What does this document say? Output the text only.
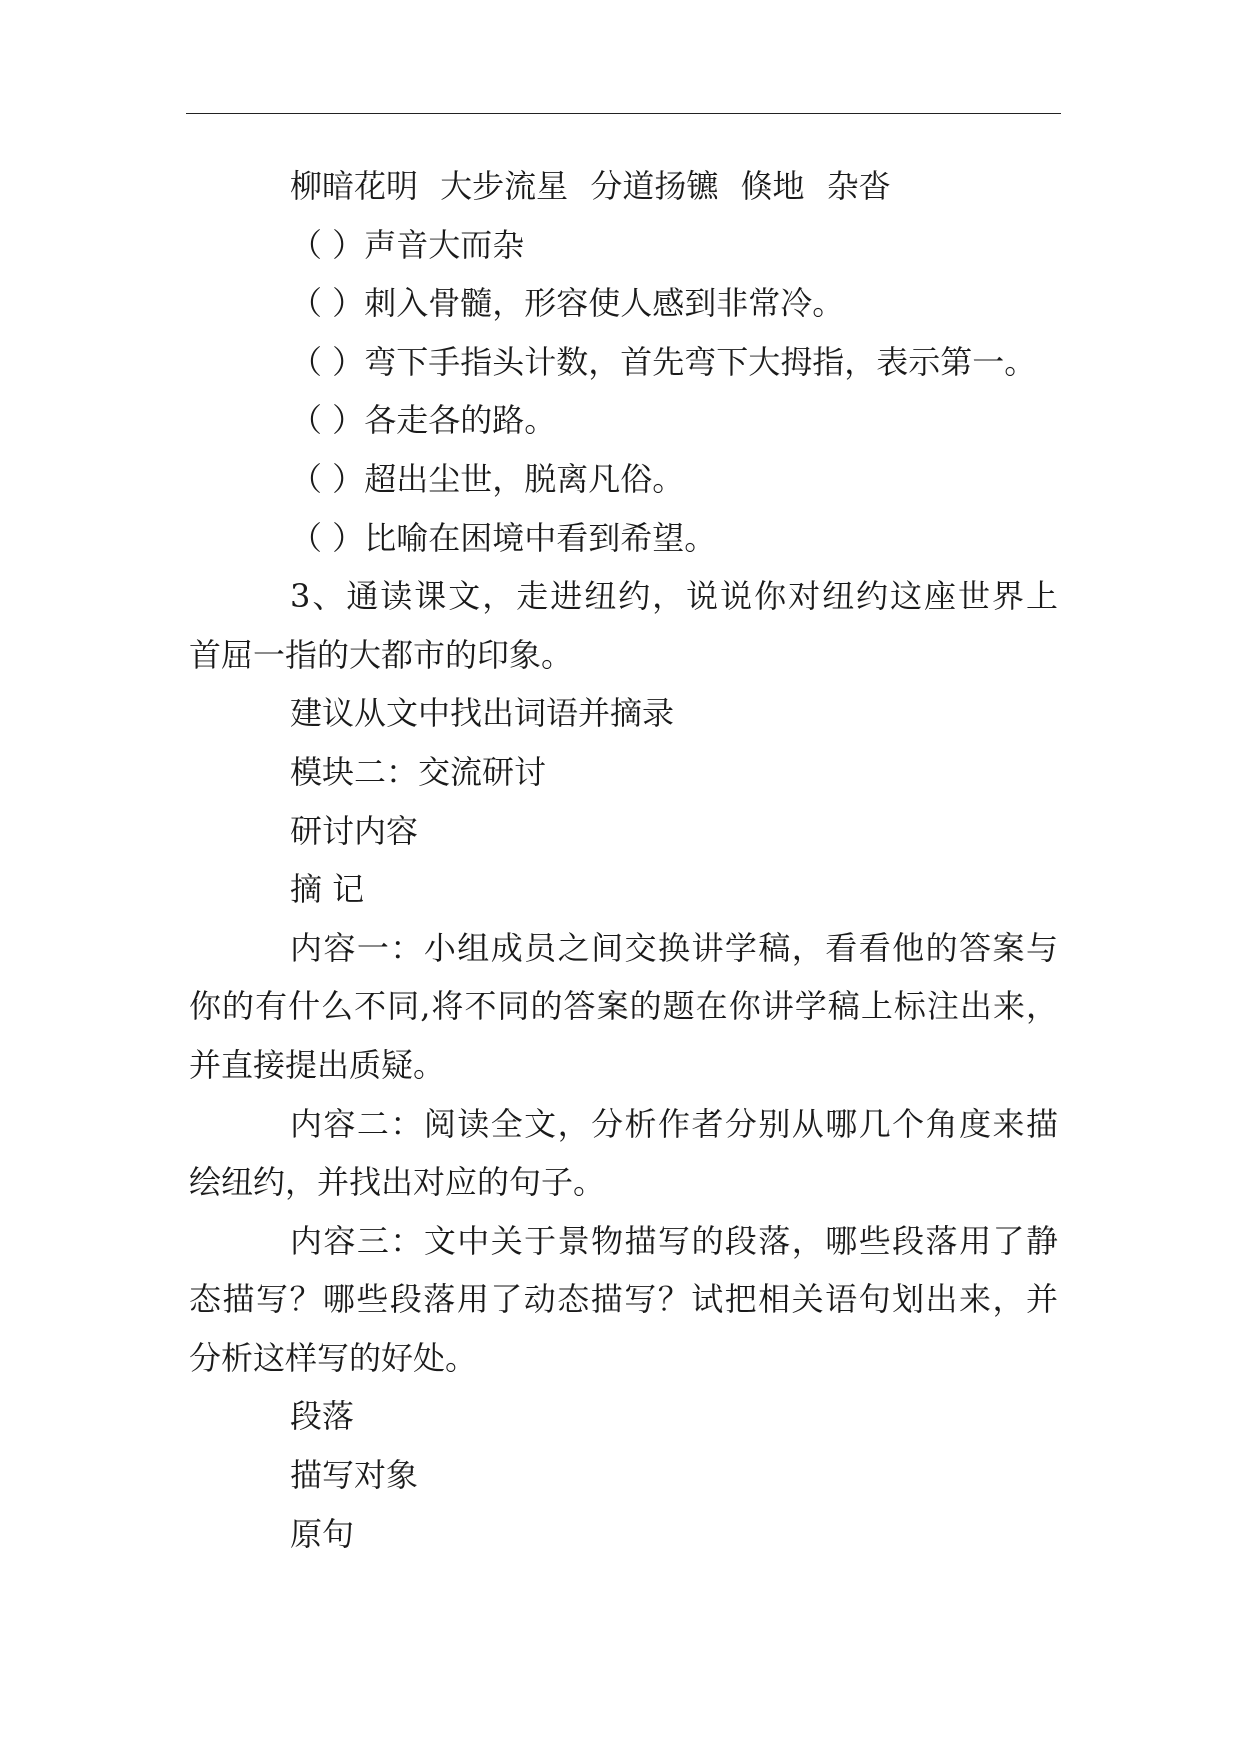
柳暗花明 大步流星 分道扬镳 倏地 杂沓
（ ）声音大而杂
（ ）刺入骨髓，形容使人感到非常冷。
（ ）弯下手指头计数，首先弯下大拇指，表示第一。
（ ）各走各的路。
（ ）超出尘世，脱离凡俗。
（ ）比喻在困境中看到希望。
3、通读课文，走进纽约，说说你对纽约这座世界上
首屈一指的大都市的印象。
建议从文中找出词语并摘录
模块二：交流研讨
研讨内容
摘 记
内容一：小组成员之间交换讲学稿，看看他的答案与
你的有什么不同,将不同的答案的题在你讲学稿上标注出来，
并直接提出质疑。
内容二：阅读全文，分析作者分别从哪几个角度来描
绘纽约，并找出对应的句子。
内容三：文中关于景物描写的段落，哪些段落用了静
态描写？哪些段落用了动态描写？试把相关语句划出来，并
分析这样写的好处。
段落
描写对象
原句
